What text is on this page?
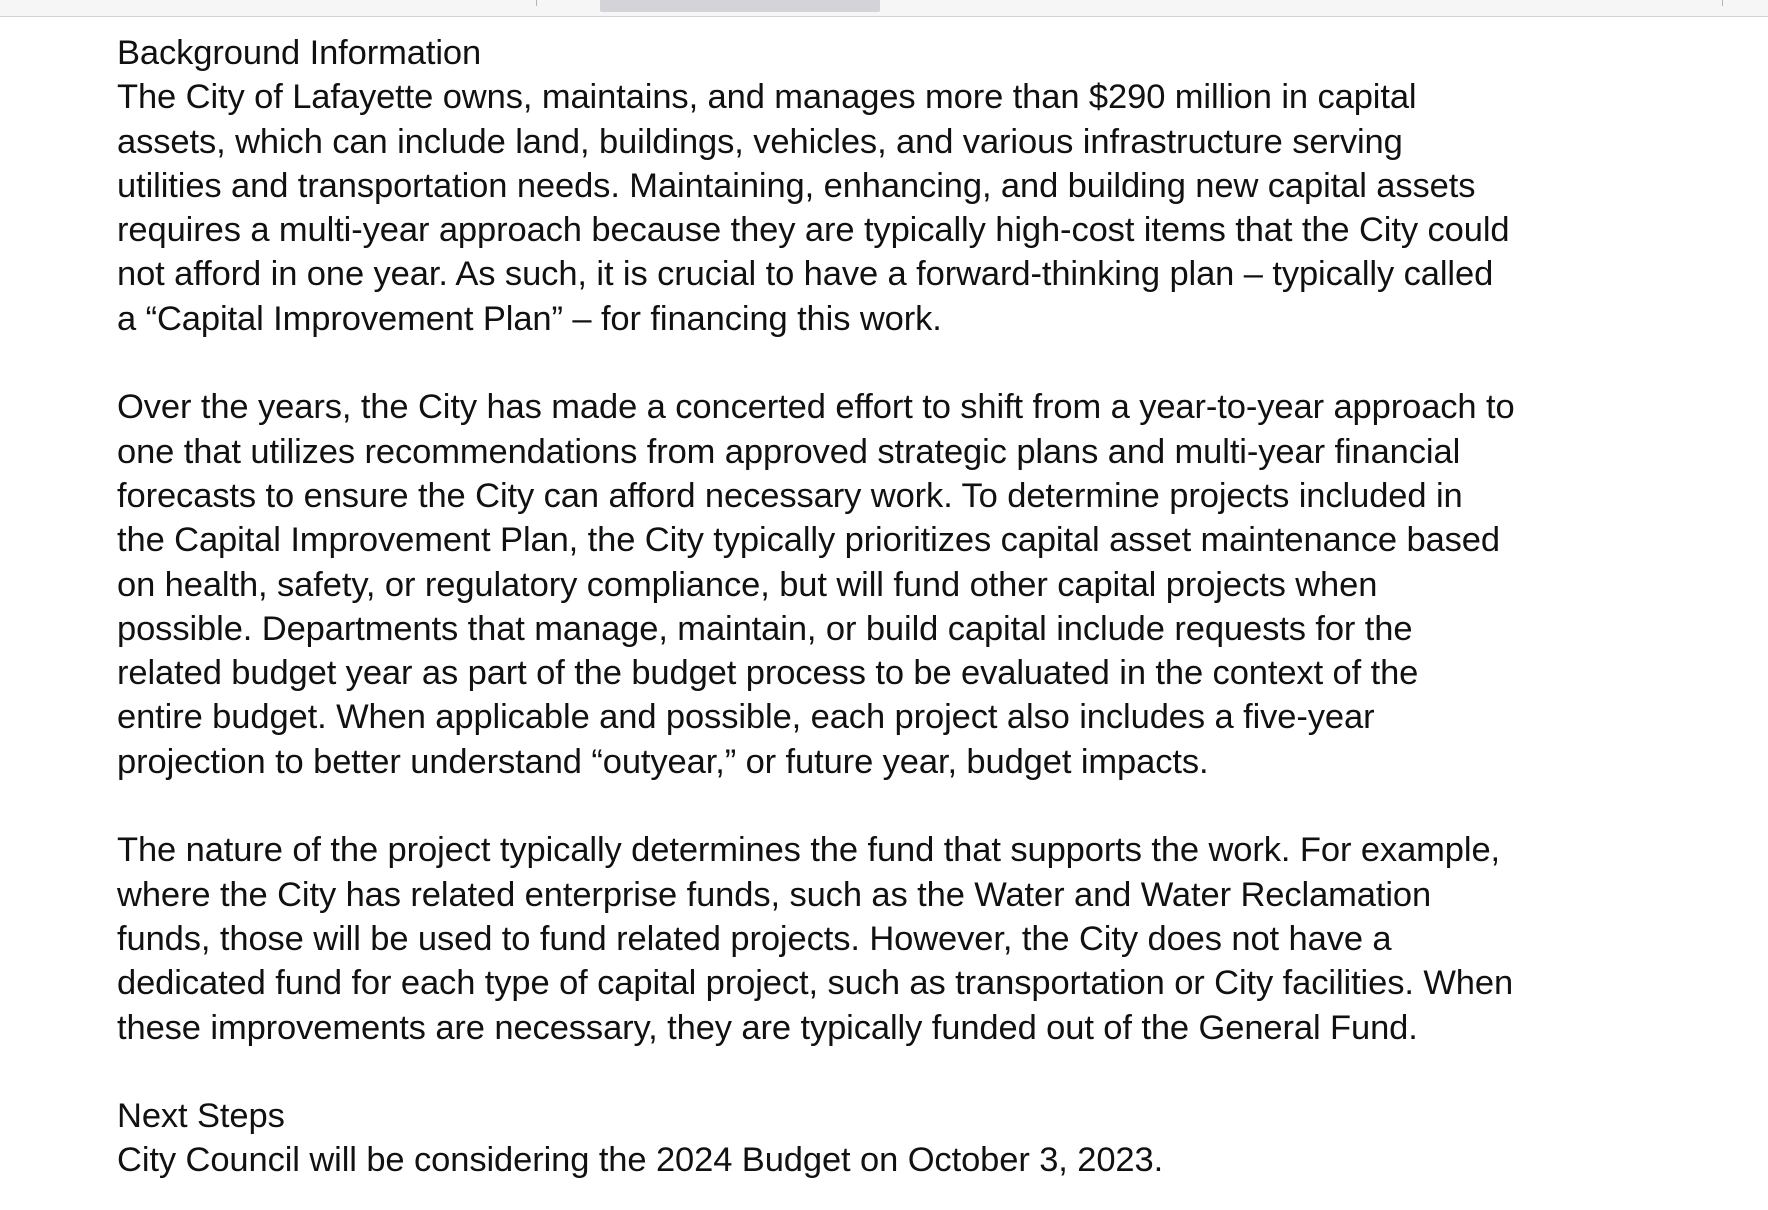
Background Information

The City of Lafayette owns, maintains, and manages more than $290 million in capital
assets, which can include land, buildings, vehicles, and various infrastructure serving
utilities and transportation needs. Maintaining, enhancing, and building new capital assets
requires a multi-year approach because they are typically high-cost items that the City could
not afford in one year. As such, it is crucial to have a forward-thinking plan – typically called
a “Capital Improvement Plan” – for financing this work.

Over the years, the City has made a concerted effort to shift from a year-to-year approach to
one that utilizes recommendations from approved strategic plans and multi-year financial
forecasts to ensure the City can afford necessary work. To determine projects included in
the Capital Improvement Plan, the City typically prioritizes capital asset maintenance based
on health, safety, or regulatory compliance, but will fund other capital projects when
possible. Departments that manage, maintain, or build capital include requests for the
related budget year as part of the budget process to be evaluated in the context of the
entire budget. When applicable and possible, each project also includes a five-year
projection to better understand “outyear,” or future year, budget impacts.

The nature of the project typically determines the fund that supports the work. For example,
where the City has related enterprise funds, such as the Water and Water Reclamation
funds, those will be used to fund related projects. However, the City does not have a
dedicated fund for each type of capital project, such as transportation or City facilities. When
these improvements are necessary, they are typically funded out of the General Fund.

Next Steps

City Council will be considering the 2024 Budget on October 3, 2023.
